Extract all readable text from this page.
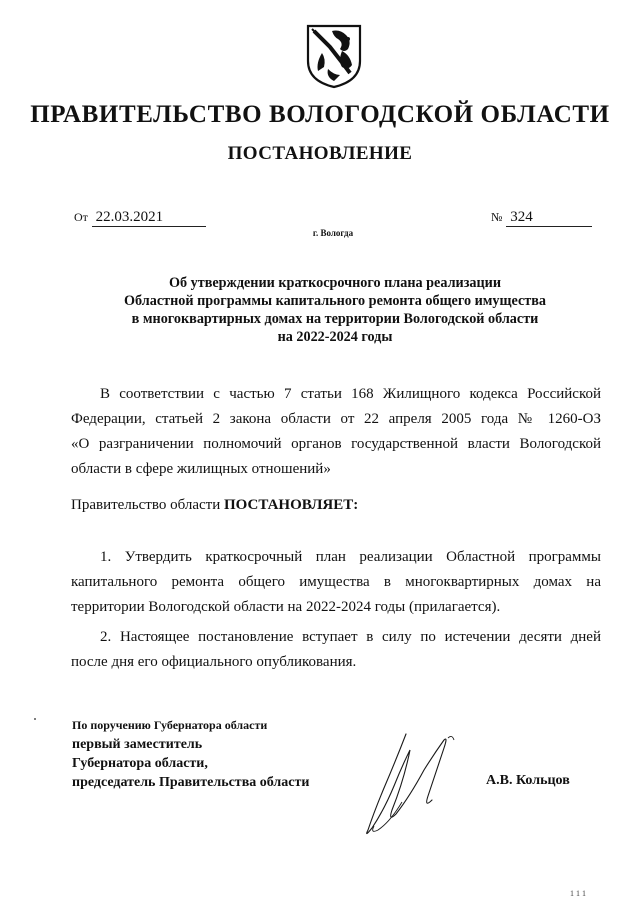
ПРАВИТЕЛЬСТВО ВОЛОГОДСКОЙ ОБЛАСТИ
ПОСТАНОВЛЕНИЕ
От 22.03.2021	№ 324
г. Вологда
Об утверждении краткосрочного плана реализации
Областной программы капитального ремонта общего имущества
в многоквартирных домах на территории Вологодской области
на 2022-2024 годы
В соответствии с частью 7 статьи 168 Жилищного кодекса Российской
Федерации, статьей 2 закона области от 22 апреля 2005 года № 1260-ОЗ
«О разграничении полномочий органов государственной власти Вологодской
области в сфере жилищных отношений»
Правительство области ПОСТАНОВЛЯЕТ:
1. Утвердить краткосрочный план реализации Областной программы
капитального ремонта общего имущества в многоквартирных домах на
территории Вологодской области на 2022-2024 годы (прилагается).
2. Настоящее постановление вступает в силу по истечении десяти дней
после дня его официального опубликования.
По поручению Губернатора области
первый заместитель
Губернатора области,
председатель Правительства области	А.В. Кольцов
1 1 1
